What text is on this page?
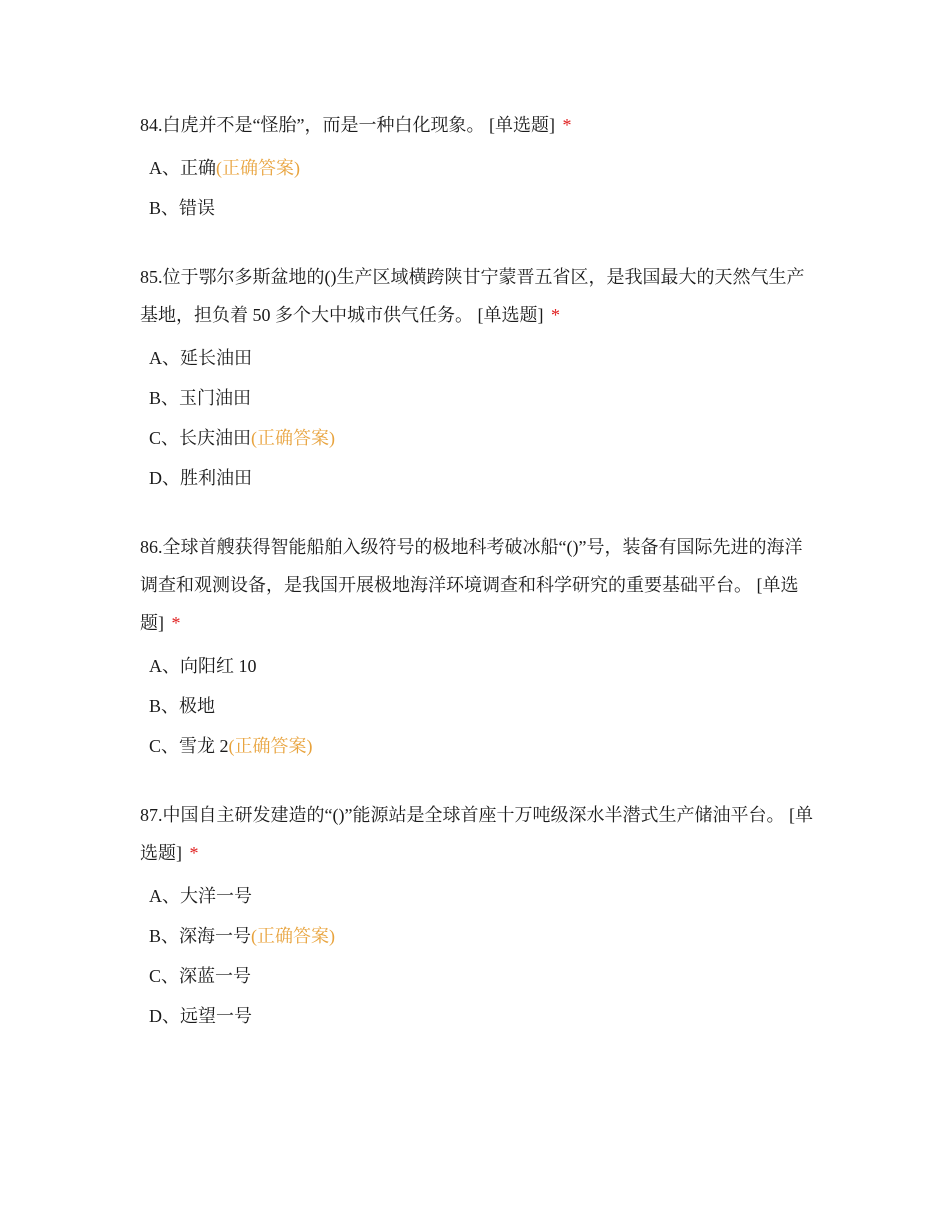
84.白虎并不是“怪胎”，而是一种白化现象。 [单选题] *
A、正确(正确答案)
B、错误
85.位于鄂尔多斯盆地的()生产区域横跨陕甘宁蒙晋五省区，是我国最大的天然气生产基地，担负着 50 多个大中城市供气任务。 [单选题] *
A、延长油田
B、玉门油田
C、长庆油田(正确答案)
D、胜利油田
86.全球首艘获得智能船舶入级符号的极地科考破冰船“()”号，装备有国际先进的海洋调查和观测设备，是我国开展极地海洋环境调查和科学研究的重要基础平台。 [单选题] *
A、向阳红 10
B、极地
C、雪龙 2(正确答案)
87.中国自主研发建造的“()”能源站是全球首座十万吨级深水半潜式生产储油平台。 [单选题] *
A、大洋一号
B、深海一号(正确答案)
C、深蓝一号
D、远望一号
